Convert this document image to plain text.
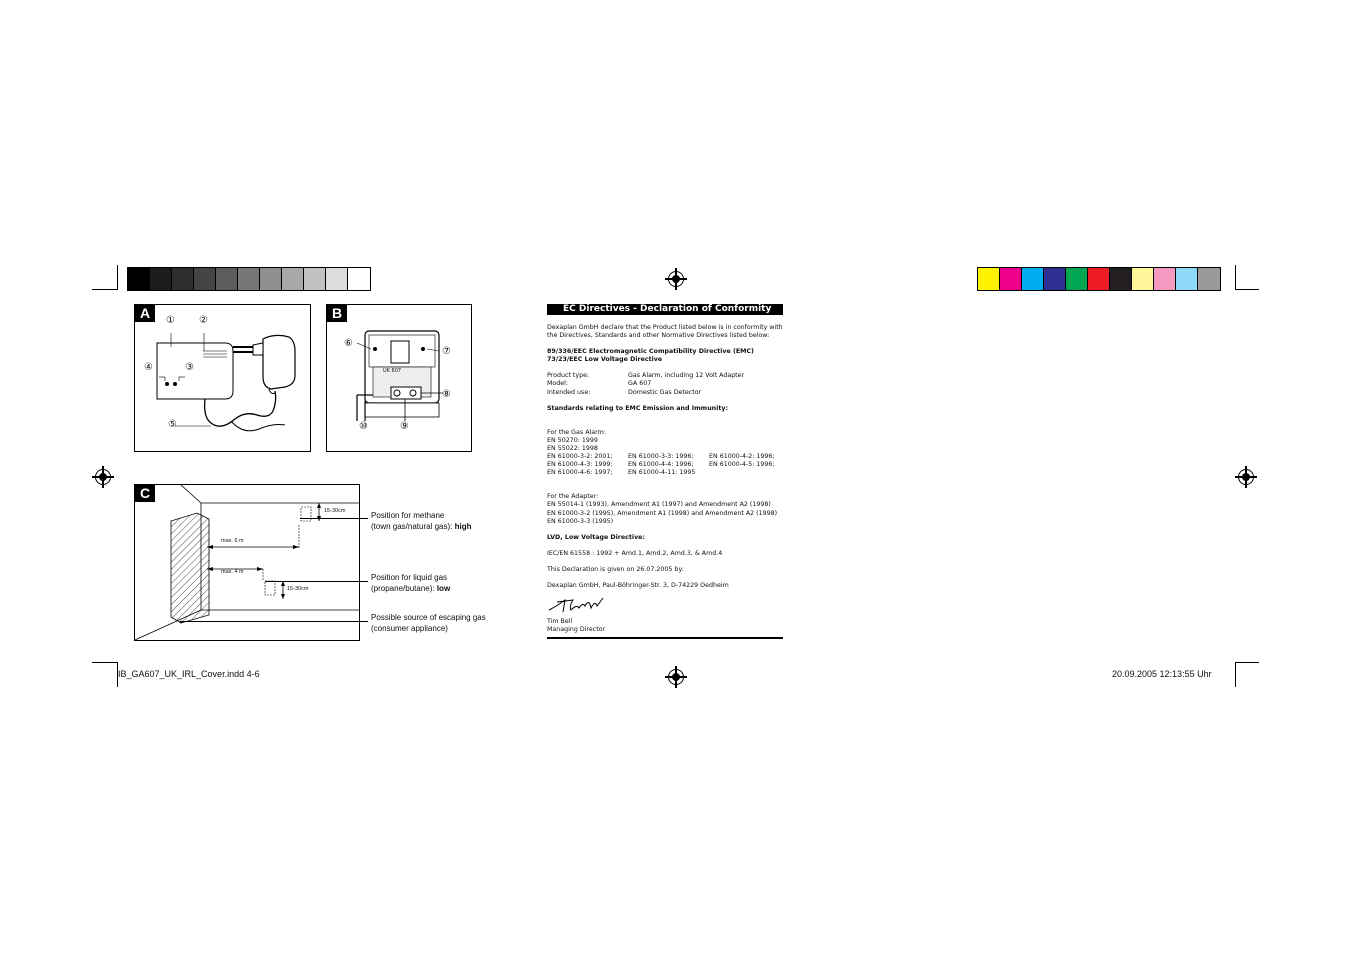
A	① ②
③
④
⑤
B
UK 607
⑥
⑦
⑧
⑨
⑩
C
max. 6 m
max. 4 m
15-30cm
15-30cm
Position for methane
(town gas/natural gas): high
Position for liquid gas
(propane/butane): low
Possible source of escaping gas
(consumer appliance)
EC Directives - Declaration of Conformity

Dexaplan GmbH declare that the Product listed below is in conformity with the Directives, Standards and other Normative Directives listed below:

89/336/EEC Electromagnetic Compatibility Directive (EMC)

73/23/EEC Low Voltage Directive

Product type:	Gas Alarm, including 12 Volt Adapter
Model:	GA 607
Intended use:	Domestic Gas Detector

Standards relating to EMC Emission and Immunity:

For the Gas Alarm:

EN 50270: 1999

EN 55022: 1998

EN 61000-3-2: 2001;	EN 61000-3-3: 1996;	EN 61000-4-2: 1996;
EN 61000-4-3: 1999;	EN 61000-4-4: 1996;	EN 61000-4-5: 1996;
EN 61000-4-6: 1997;	EN 61000-4-11: 1995

For the Adapter:

EN 55014-1 (1993), Amendment A1 (1997) and Amendment A2 (1998)

EN 61000-3-2 (1995), Amendment A1 (1998) and Amendment A2 (1998)

EN 61000-3-3 (1995)

LVD, Low Voltage Directive:

IEC/EN 61558 : 1992 + Amd.1, Amd.2, Amd.3, & Amd.4

This Declaration is given on 26.07.2005 by:

Dexaplan GmbH, Paul-Böhringer-Str. 3, D-74229 Oedheim

Tim Bell

Managing Director

IB_GA607_UK_IRL_Cover.indd 4-6	20.09.2005 12:13:55 Uhr
